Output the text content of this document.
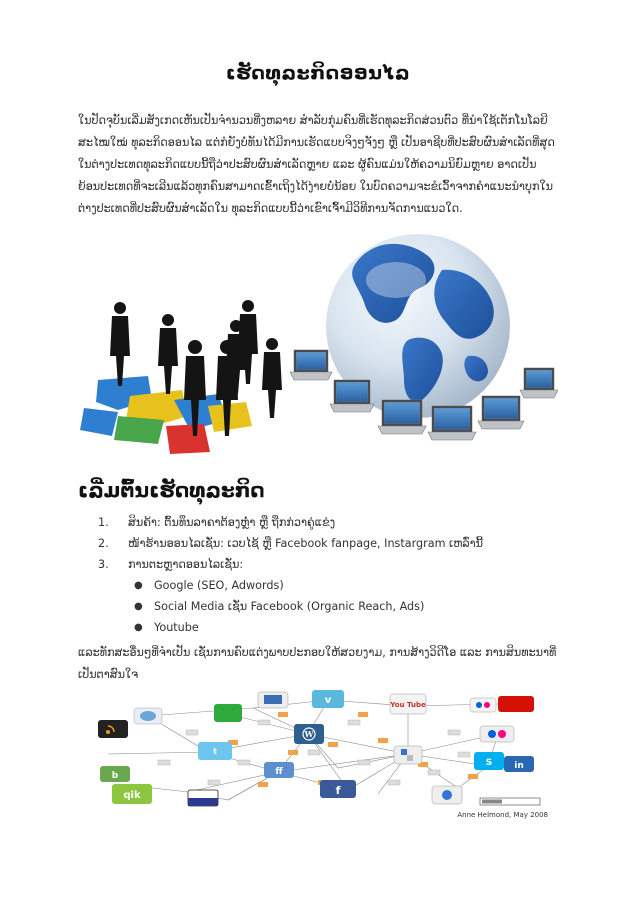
ເຮັດທຸລະກິດອອນໄລ
ໃນປັດຈຸບັນເລີ່ມສັງເກດເຫັນເປັນຈຳນວນທີ່ງຫລາຍ ສຳລັບກຸ່ມຄົນທີ່ເຮັດທຸລະກິດສ່ວນຕົວ ທີ່ນຳໃຊ້ເຕັກໂນໂລຍີສະໄໝໃໝ່ ທຸລະກິດອອນໄລ ແຕ່ກໍຍັງບໍ່ທັນໄດ້ມີການເຮັດແບບຈິງໆຈັງໆ ຫຼື ເປັນອາຊີບທີ່ປະສົບຜົນສຳເລັດທີ່ສຸດ ໃນຕ່າງປະເທດທຸລະກິດແບບນີ້ຖືວ່າປະສົບຜົນສຳເລັດຫຼາຍ ແລະ ຜູ້ຄົນແມ່ນໃຫ້ຄວາມນິຍົມຫຼາຍ ອາດເປັນຍ້ອນປະເທດທີ່ຈະເລີນແລ້ວທຸກຄົນສາມາດເຂົ້າເຖິງໄດ້ງ່າຍບໍ່ນ້ອຍ ໃນບົດຄວາມຈະຂໍເວົ້າຈາກຄຳແນະນຳບຸກໃນຕ່າງປະເທດທີ່ປະສົບຜົນສຳເລັດໃນ ທຸລະກິດແບບນີ້ວ່າເຂົາເຈົ້າມີວິທີການຈັດການແນວໃດ.
ເລີ່ມຕົ້ນເຮັດທຸລະກິດ
1. ສິນຄ້າ: ຕົ້ນທຶນລາຄາຕ້ອງຫຼ່ຳ ຫຼື ຖືກກ່ວາຄູ່ແຂ່ງ
2. ໜ້າຮ້ານອອນໄລເຊັ່ນ: ເວບໄຊ້ ຫຼື Facebook fanpage, Instargram ເຫລົ່ານີ້
3. ການຕະຫຼາດອອນໄລເຊັ່ນ:
● Google (SEO, Adwords)
● Social Media ເຊັ່ນ Facebook (Organic Reach, Ads)
● Youtube
ແລະທັກສະອື່ນໆທີ່ຈຳເປັນ ເຊັ່ນການຄົບແຕ່ງພາບປະກອບໃຫ້ສວຍງາມ, ການສ້າງວິດີໂອ ແລະ ການສິນທະນາທີ່ເປັນຕາສົນໃຈ
v	You Tube
W
t
b	ff
S in
qik	f
Anne Helmond, May 2008
